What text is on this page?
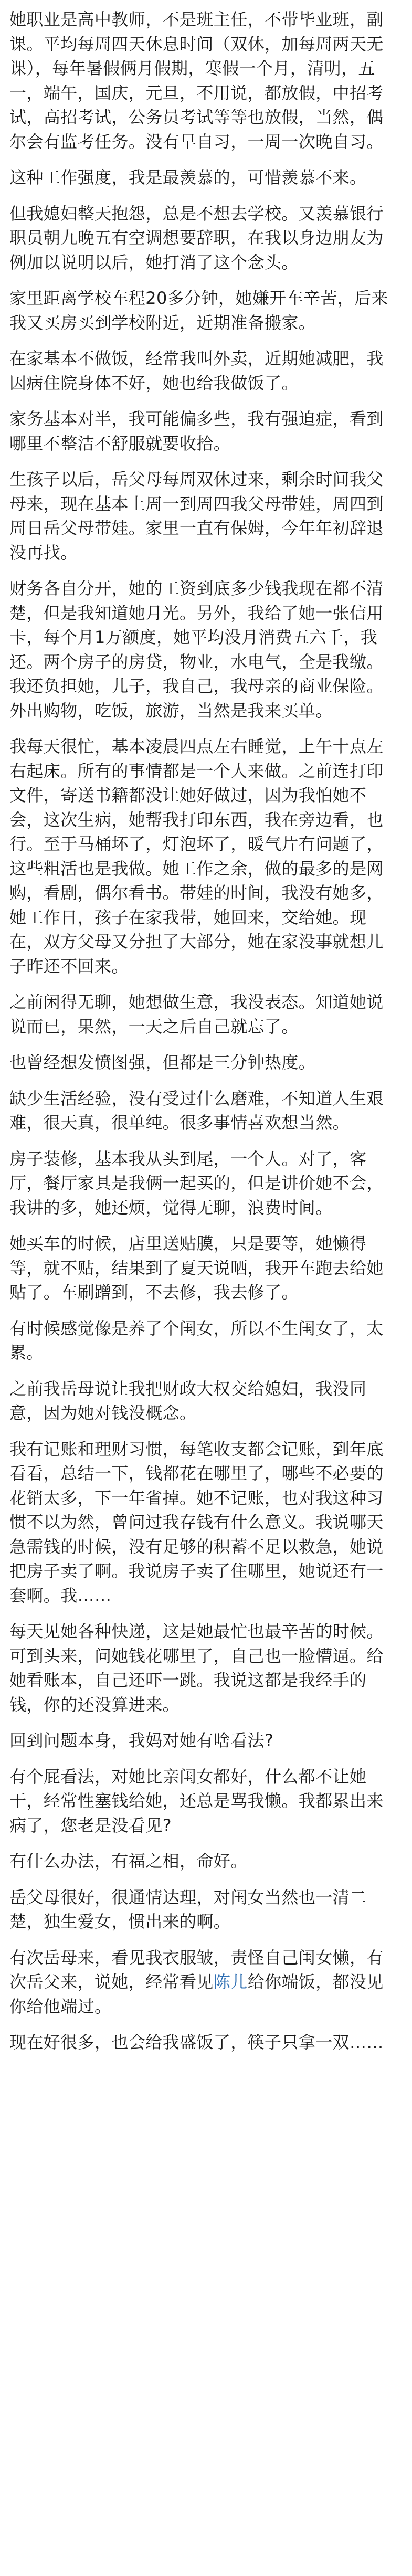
她职业是高中教师，不是班主任，不带毕业班，副课。平均每周四天休息时间（双休，加每周两天无课），每年暑假俩月假期，寒假一个月，清明，五一，端午，国庆，元旦，不用说，都放假，中招考试，高招考试，公务员考试等等也放假，当然，偶尔会有监考任务。没有早自习，一周一次晚自习。

这种工作强度，我是最羡慕的，可惜羡慕不来。

但我媳妇整天抱怨，总是不想去学校。又羡慕银行职员朝九晚五有空调想要辞职，在我以身边朋友为例加以说明以后，她打消了这个念头。

家里距离学校车程20多分钟，她嫌开车辛苦，后来我又买房买到学校附近，近期准备搬家。

在家基本不做饭，经常我叫外卖，近期她减肥，我因病住院身体不好，她也给我做饭了。

家务基本对半，我可能偏多些，我有强迫症，看到哪里不整洁不舒服就要收拾。

生孩子以后，岳父母每周双休过来，剩余时间我父母来，现在基本上周一到周四我父母带娃，周四到周日岳父母带娃。家里一直有保姆，今年年初辞退没再找。

财务各自分开，她的工资到底多少钱我现在都不清楚，但是我知道她月光。另外，我给了她一张信用卡，每个月1万额度，她平均没月消费五六千，我还。两个房子的房贷，物业，水电气，全是我缴。我还负担她，儿子，我自己，我母亲的商业保险。外出购物，吃饭，旅游，当然是我来买单。

我每天很忙，基本凌晨四点左右睡觉，上午十点左右起床。所有的事情都是一个人来做。之前连打印文件，寄送书籍都没让她好做过，因为我怕她不会，这次生病，她帮我打印东西，我在旁边看，也行。至于马桶坏了，灯泡坏了，暖气片有问题了，这些粗活也是我做。她工作之余，做的最多的是网购，看剧，偶尔看书。带娃的时间，我没有她多，她工作日，孩子在家我带，她回来，交给她。现在，双方父母又分担了大部分，她在家没事就想儿子昨还不回来。

之前闲得无聊，她想做生意，我没表态。知道她说说而已，果然，一天之后自己就忘了。

也曾经想发愤图强，但都是三分钟热度。

缺少生活经验，没有受过什么磨难，不知道人生艰难，很天真，很单纯。很多事情喜欢想当然。

房子装修，基本我从头到尾，一个人。对了，客厅，餐厅家具是我俩一起买的，但是讲价她不会，我讲的多，她还烦，觉得无聊，浪费时间。

她买车的时候，店里送贴膜，只是要等，她懒得等，就不贴，结果到了夏天说晒，我开车跑去给她贴了。车刷蹭到，不去修，我去修了。

有时候感觉像是养了个闺女，所以不生闺女了，太累。

之前我岳母说让我把财政大权交给媳妇，我没同意，因为她对钱没概念。

我有记账和理财习惯，每笔收支都会记账，到年底看看，总结一下，钱都花在哪里了，哪些不必要的花销太多，下一年省掉。她不记账，也对我这种习惯不以为然，曾问过我存钱有什么意义。我说哪天急需钱的时候，没有足够的积蓄不足以救急，她说把房子卖了啊。我说房子卖了住哪里，她说还有一套啊。我……

每天见她各种快递，这是她最忙也最辛苦的时候。可到头来，问她钱花哪里了，自己也一脸懵逼。给她看账本，自己还吓一跳。我说这都是我经手的钱，你的还没算进来。

回到问题本身，我妈对她有啥看法?

有个屁看法，对她比亲闺女都好，什么都不让她干，经常性塞钱给她，还总是骂我懒。我都累出来病了，您老是没看见?

有什么办法，有福之相，命好。

岳父母很好，很通情达理，对闺女当然也一清二楚，独生爱女，惯出来的啊。

有次岳母来，看见我衣服皱，责怪自己闺女懒，有次岳父来，说她，经常看见陈儿给你端饭，都没见你给他端过。

现在好很多，也会给我盛饭了，筷子只拿一双……
